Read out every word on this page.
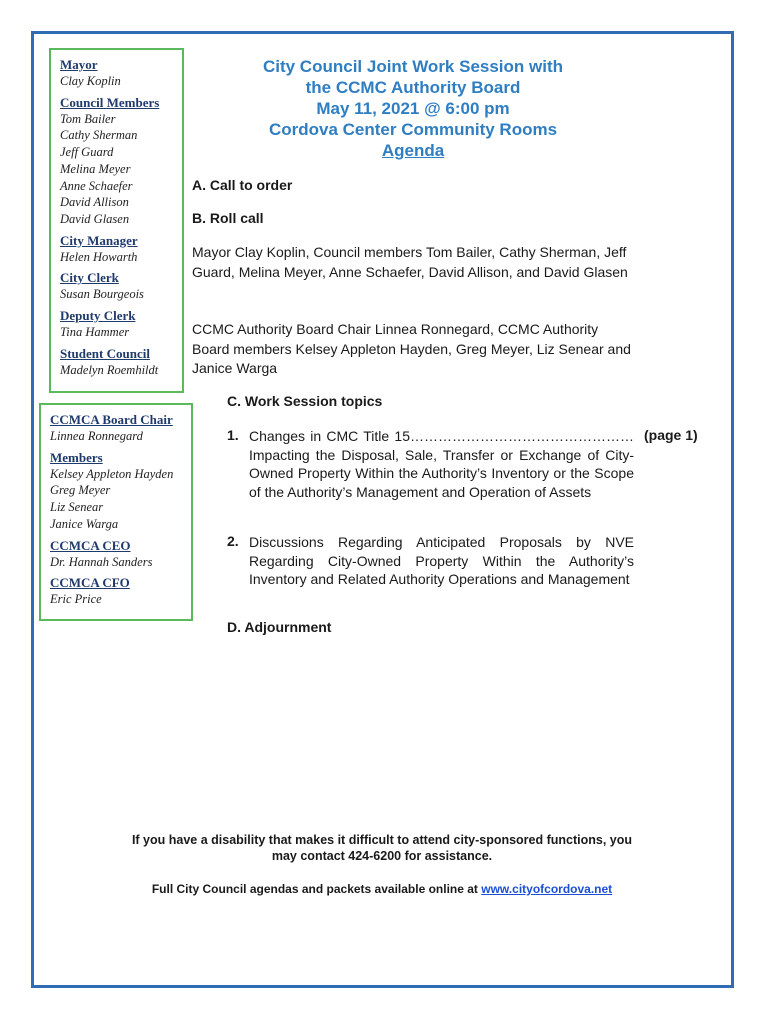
Mayor
Clay Koplin
Council Members
Tom Bailer
Cathy Sherman
Jeff Guard
Melina Meyer
Anne Schaefer
David Allison
David Glasen
City Manager
Helen Howarth
City Clerk
Susan Bourgeois
Deputy Clerk
Tina Hammer
Student Council
Madelyn Roemhildt
CCMCA Board Chair
Linnea Ronnegard
Members
Kelsey Appleton Hayden
Greg Meyer
Liz Senear
Janice Warga
CCMCA CEO
Dr. Hannah Sanders
CCMCA CFO
Eric Price
City Council Joint Work Session with
the CCMC Authority Board
May 11, 2021 @ 6:00 pm
Cordova Center Community Rooms
Agenda
A. Call to order
B. Roll call
Mayor Clay Koplin, Council members Tom Bailer, Cathy Sherman, Jeff Guard, Melina Meyer, Anne Schaefer, David Allison, and David Glasen
CCMC Authority Board Chair Linnea Ronnegard, CCMC Authority Board members Kelsey Appleton Hayden, Greg Meyer, Liz Senear and Janice Warga
C. Work Session topics
1. Changes in CMC Title 15………………………………………… Impacting the Disposal, Sale, Transfer or Exchange of City-Owned Property Within the Authority’s Inventory or the Scope of the Authority’s Management and Operation of Assets
(page 1)
2. Discussions Regarding Anticipated Proposals by NVE Regarding City-Owned Property Within the Authority’s Inventory and Related Authority Operations and Management
D. Adjournment
If you have a disability that makes it difficult to attend city-sponsored functions, you may contact 424-6200 for assistance.
Full City Council agendas and packets available online at www.cityofcordova.net
